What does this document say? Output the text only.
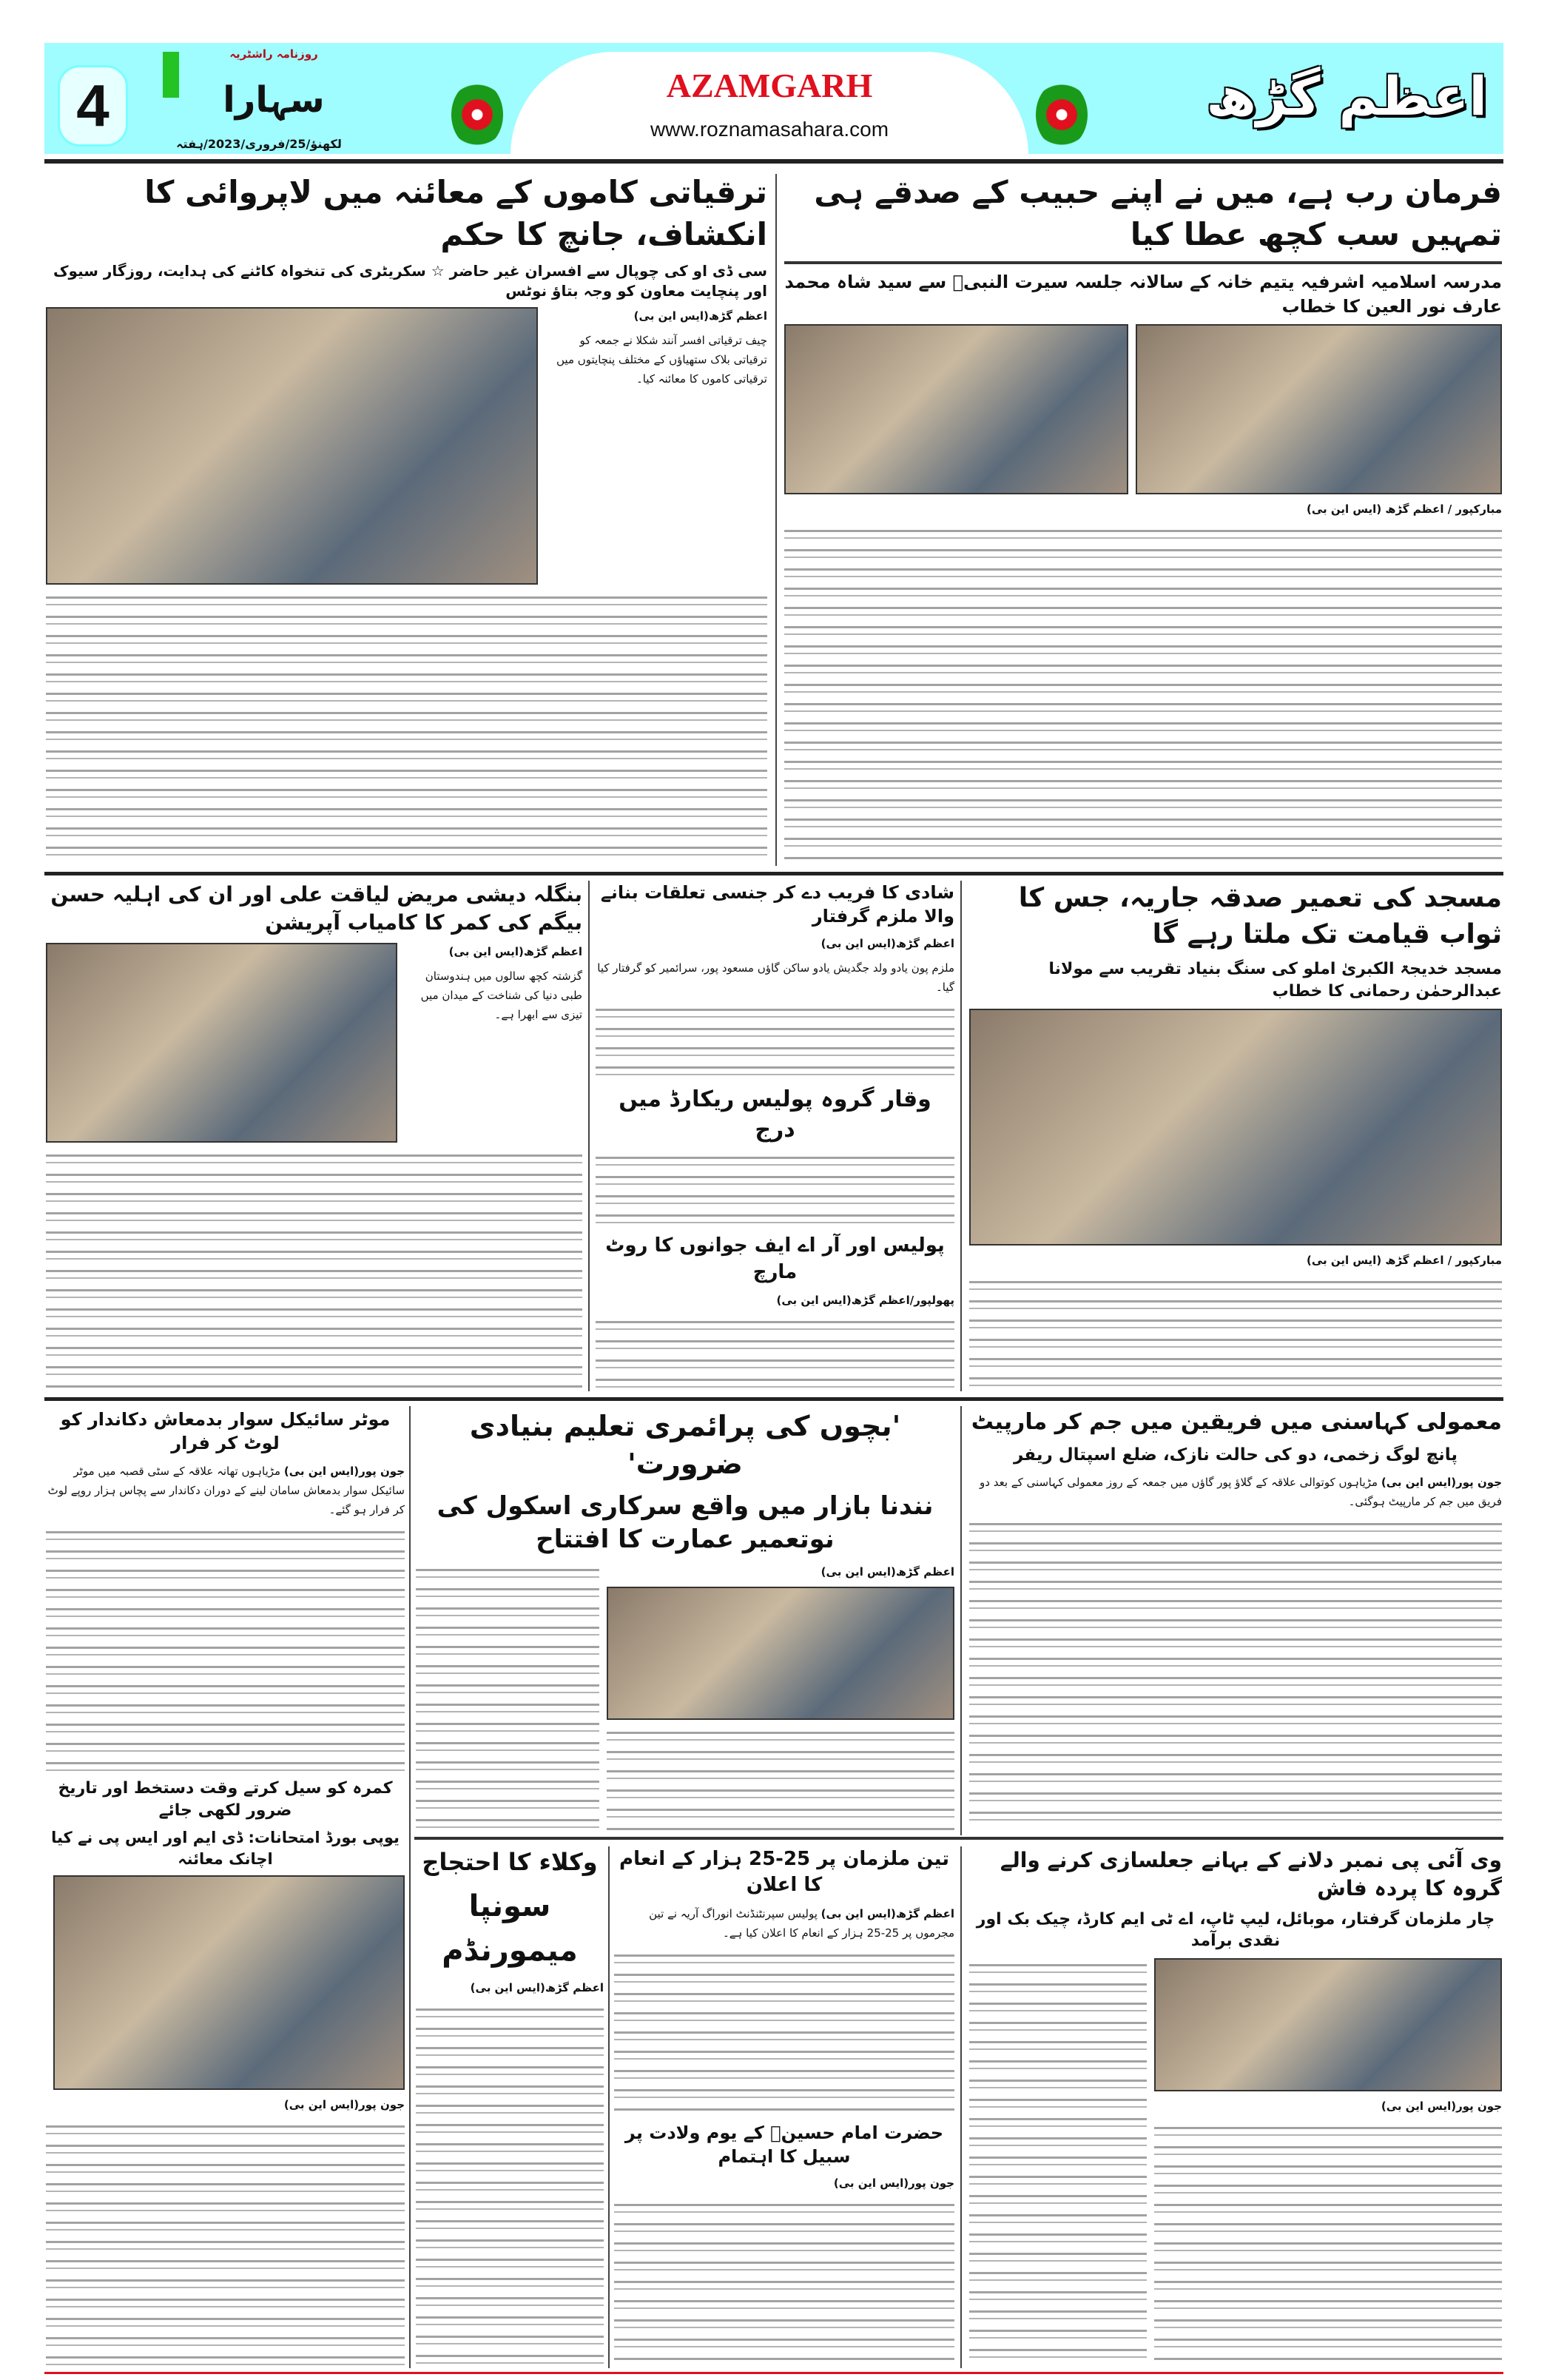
AZAMGARH
www.roznamasahara.com
4
روزنامہ راشٹریہ
سہارا
لکھنؤ/25/فروری/2023/ہفتہ
اعظم گڑھ
فرمان رب ہے، میں نے اپنے حبیب کے صدقے ہی تمہیں سب کچھ عطا کیا
مدرسہ اسلامیہ اشرفیہ یتیم خانہ کے سالانہ جلسہ سیرت النبیؐ سے سید شاہ محمد عارف نور العین کا خطاب
مبارکپور / اعظم گڑھ (ایس این بی)
ترقیاتی کاموں کے معائنہ میں لاپروائی کا انکشاف، جانچ کا حکم
سی ڈی او کی چوپال سے افسران غیر حاضر ☆ سکریٹری کی تنخواہ کاٹنے کی ہدایت، روزگار سیوک اور پنچایت معاون کو وجہ بتاؤ نوٹس
اعظم گڑھ(ایس این بی)
چیف ترقیاتی افسر آنند شکلا نے جمعہ کو ترقیاتی بلاک ستھیاؤں کے مختلف پنچایتوں میں ترقیاتی کاموں کا معائنہ کیا۔
مسجد کی تعمیر صدقہ جاریہ، جس کا ثواب قیامت تک ملتا رہے گا
مسجد خدیجۃ الکبریٰ املو کی سنگ بنیاد تقریب سے مولانا عبدالرحمٰن رحمانی کا خطاب
مبارکپور / اعظم گڑھ (ایس این بی)
شادی کا فریب دے کر جنسی تعلقات بنانے والا ملزم گرفتار
اعظم گڑھ(ایس این بی)
ملزم پون یادو ولد جگدیش یادو ساکن گاؤں مسعود پور، سرائمیر کو گرفتار کیا گیا۔
وقار گروہ پولیس ریکارڈ میں درج
پولیس اور آر اے ایف جوانوں کا روٹ مارچ
پھولپور/اعظم گڑھ(ایس این بی)
بنگلہ دیشی مریض لیاقت علی اور ان کی اہلیہ حسن بیگم کی کمر کا کامیاب آپریشن
اعظم گڑھ(ایس این بی)
گزشتہ کچھ سالوں میں ہندوستان طبی دنیا کی شناخت کے میدان میں تیزی سے ابھرا ہے۔
معمولی کہاسنی میں فریقین میں جم کر مارپیٹ
پانچ لوگ زخمی، دو کی حالت نازک، ضلع اسپتال ریفر
جون پور(ایس این بی) مڑیاہوں کوتوالی علاقہ کے گلاؤ پور گاؤں میں جمعہ کے روز معمولی کہاسنی کے بعد دو فریق میں جم کر مارپیٹ ہوگئی۔
'بچوں کی پرائمری تعلیم بنیادی ضرورت'
نندنا بازار میں واقع سرکاری اسکول کی نوتعمیر عمارت کا افتتاح
اعظم گڑھ(ایس این بی)
موٹر سائیکل سوار بدمعاش دکاندار کو لوٹ کر فرار
جون پور(ایس این بی) مڑیاہوں تھانہ علاقہ کے سٹی قصبہ میں موٹر سائیکل سوار بدمعاش سامان لینے کے دوران دکاندار سے پچاس ہزار روپے لوٹ کر فرار ہو گئے۔
کمرہ کو سیل کرتے وقت دستخط اور تاریخ ضرور لکھی جائے
یوپی بورڈ امتحانات: ڈی ایم اور ایس پی نے کیا اچانک معائنہ
جون پور(ایس این بی)
وی آئی پی نمبر دلانے کے بہانے جعلسازی کرنے والے گروہ کا پردہ فاش
چار ملزمان گرفتار، موبائل، لیپ ٹاپ، اے ٹی ایم کارڈ، چیک بک اور نقدی برآمد
جون پور(ایس این بی)
تین ملزمان پر 25-25 ہزار کے انعام کا اعلان
اعظم گڑھ(ایس این بی) پولیس سپرنٹنڈنٹ انوراگ آریہ نے تین مجرموں پر 25-25 ہزار کے انعام کا اعلان کیا ہے۔
حضرت امام حسینؓ کے یوم ولادت پر سبیل کا اہتمام
جون پور(ایس این بی)
وکلاء کا احتجاج
سونپا میمورنڈم
اعظم گڑھ(ایس این بی)
